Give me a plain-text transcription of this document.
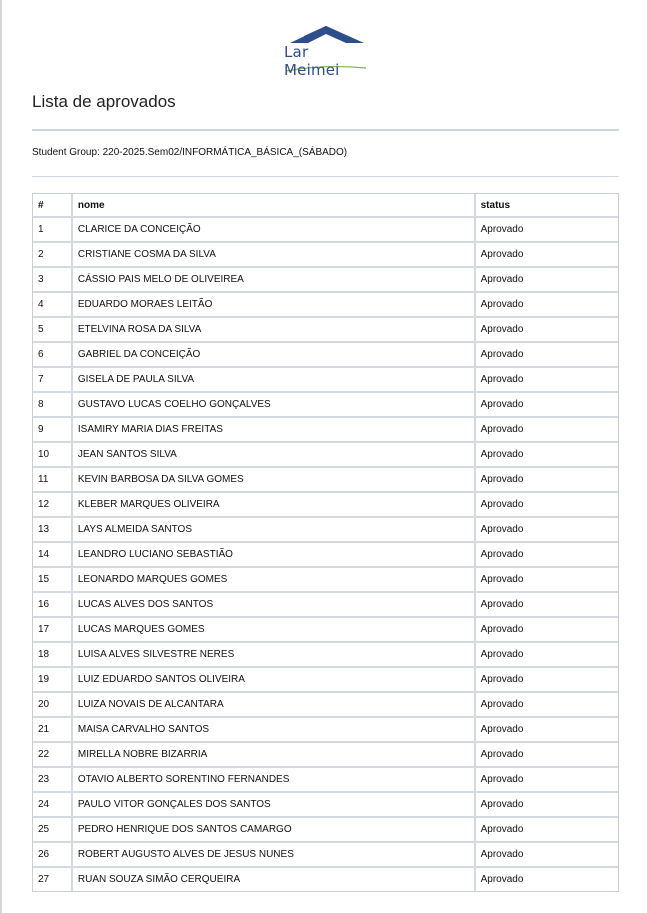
Lar Meimei
Lista de aprovados
Student Group: 220-2025.Sem02/INFORMÁTICA_BÁSICA_(SÁBADO)
#	nome	status
1	CLARICE DA CONCEIÇÃO	Aprovado
2	CRISTIANE COSMA DA SILVA	Aprovado
3	CÁSSIO PAIS MELO DE OLIVEIREA	Aprovado
4	EDUARDO MORAES LEITÃO	Aprovado
5	ETELVINA ROSA DA SILVA	Aprovado
6	GABRIEL DA CONCEIÇÃO	Aprovado
7	GISELA DE PAULA SILVA	Aprovado
8	GUSTAVO LUCAS COELHO GONÇALVES	Aprovado
9	ISAMIRY MARIA DIAS FREITAS	Aprovado
10	JEAN SANTOS SILVA	Aprovado
11	KEVIN BARBOSA DA SILVA GOMES	Aprovado
12	KLEBER MARQUES OLIVEIRA	Aprovado
13	LAYS ALMEIDA SANTOS	Aprovado
14	LEANDRO LUCIANO SEBASTIÃO	Aprovado
15	LEONARDO MARQUES GOMES	Aprovado
16	LUCAS ALVES DOS SANTOS	Aprovado
17	LUCAS MARQUES GOMES	Aprovado
18	LUISA ALVES SILVESTRE NERES	Aprovado
19	LUIZ EDUARDO SANTOS OLIVEIRA	Aprovado
20	LUIZA NOVAIS DE ALCANTARA	Aprovado
21	MAISA CARVALHO SANTOS	Aprovado
22	MIRELLA NOBRE BIZARRIA	Aprovado
23	OTAVIO ALBERTO SORENTINO FERNANDES	Aprovado
24	PAULO VITOR GONÇALES DOS SANTOS	Aprovado
25	PEDRO HENRIQUE DOS SANTOS CAMARGO	Aprovado
26	ROBERT AUGUSTO ALVES DE JESUS NUNES	Aprovado
27	RUAN SOUZA SIMÃO CERQUEIRA	Aprovado
